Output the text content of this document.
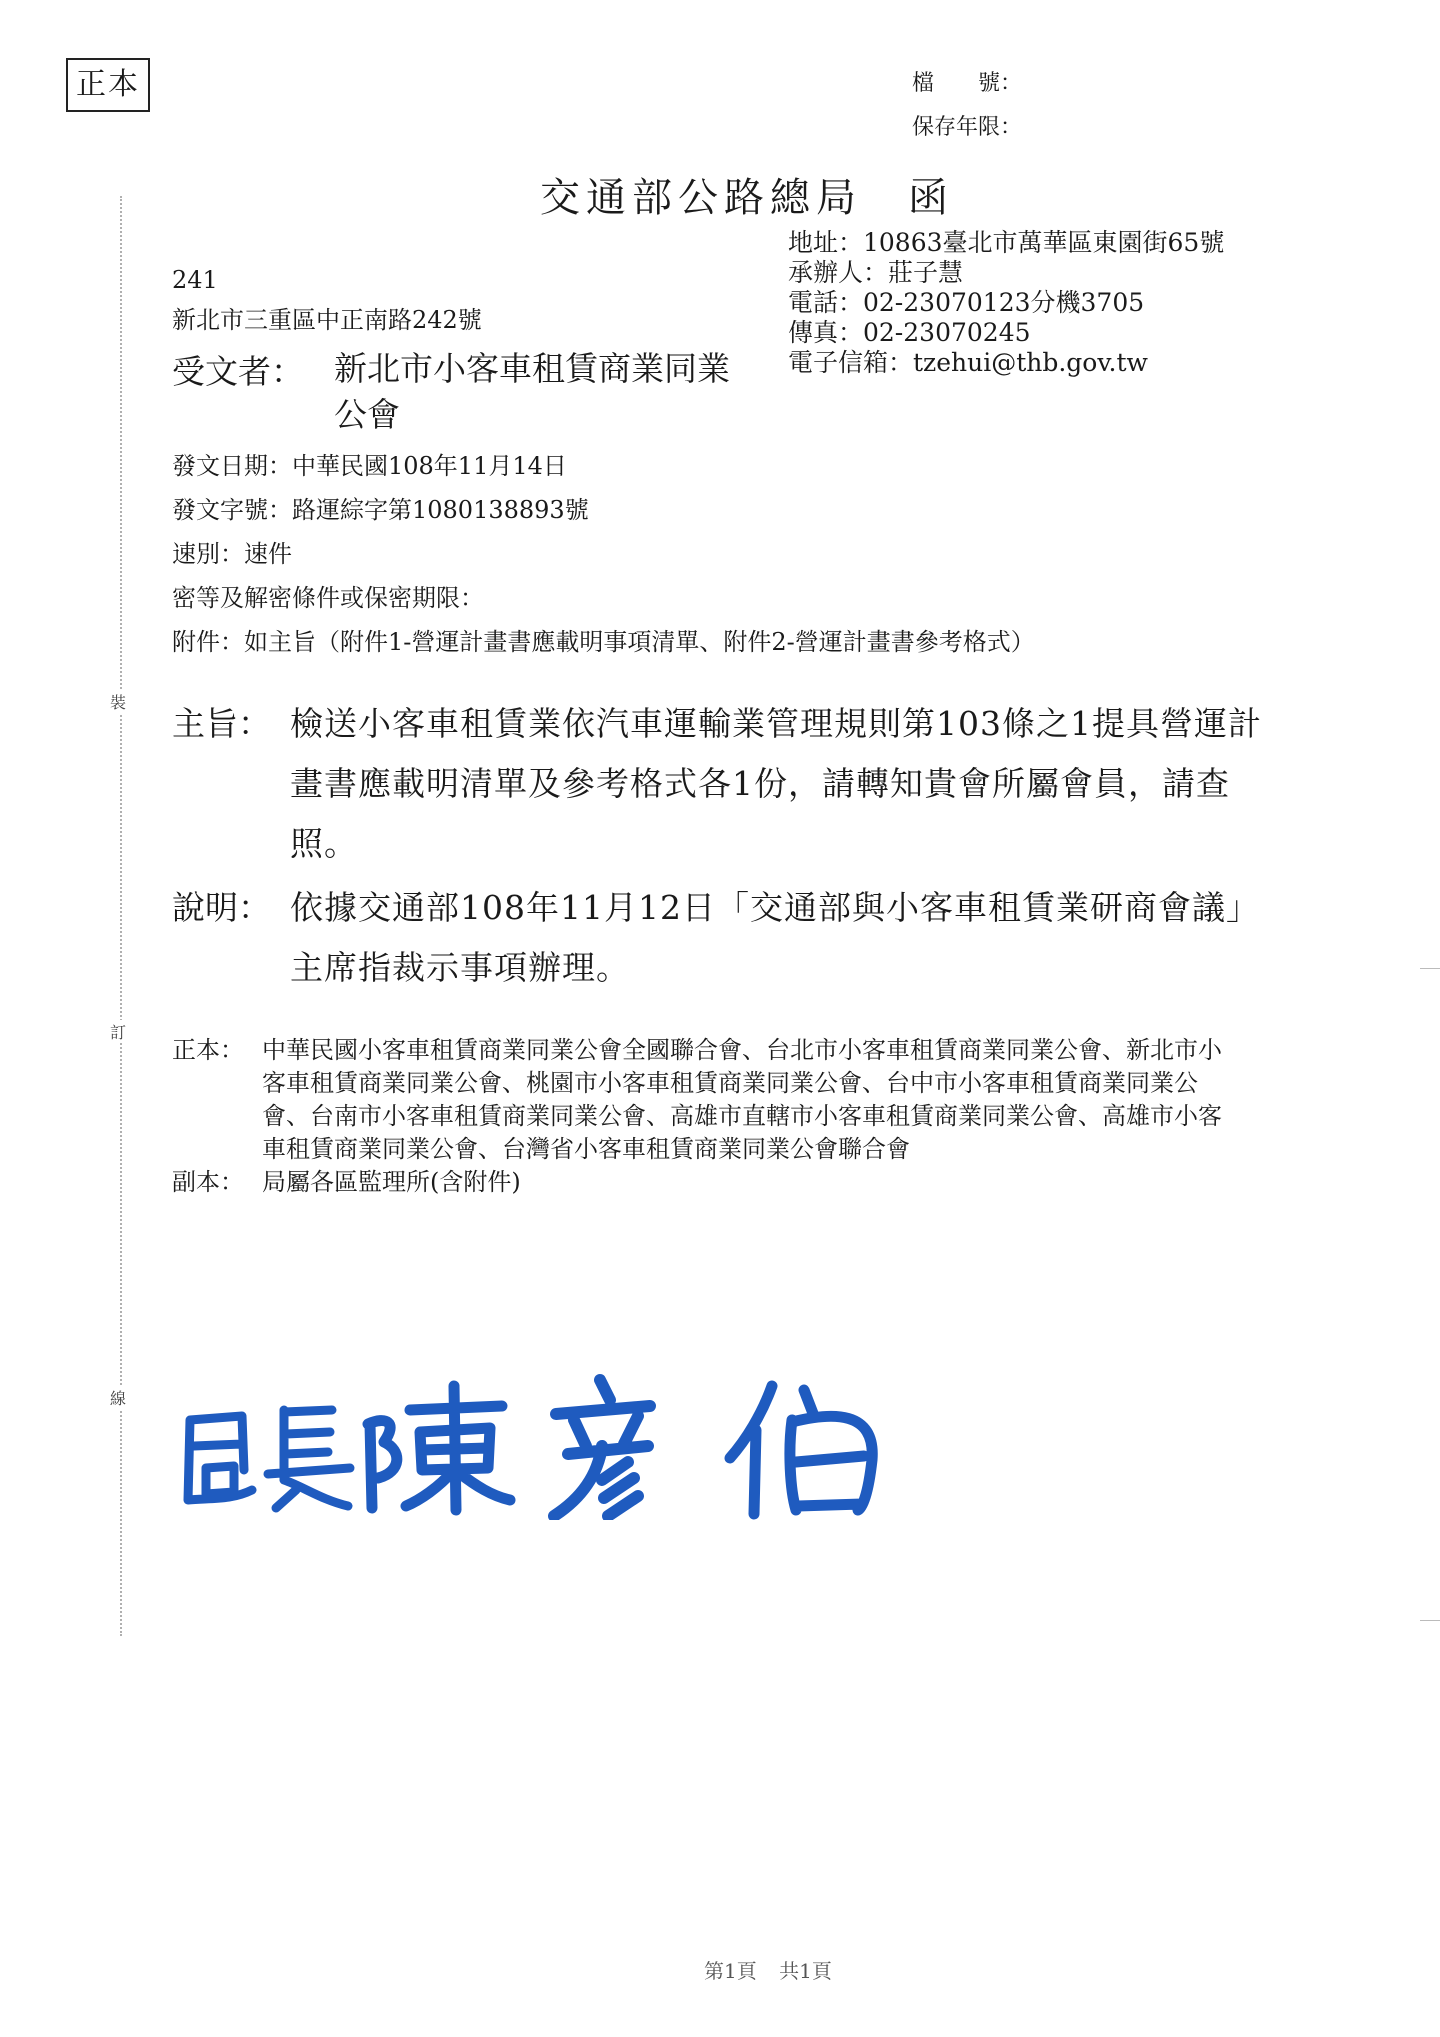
正本	檔　　號：
保存年限：
交通部公路總局　函
地址：10863臺北市萬華區東園街65號
承辦人：莊子慧
電話：02-23070123分機3705
傳真：02-23070245
電子信箱：tzehui@thb.gov.tw
241
新北市三重區中正南路242號
受文者： 新北市小客車租賃商業同業公會
發文日期：中華民國108年11月14日
發文字號：路運綜字第1080138893號
速別：速件
密等及解密條件或保密期限：
附件：如主旨（附件1-營運計畫書應載明事項清單、附件2-營運計畫書參考格式）
主旨： 檢送小客車租賃業依汽車運輸業管理規則第103條之1提具營運計畫書應載明清單及參考格式各1份，請轉知貴會所屬會員，請查照。
說明： 依據交通部108年11月12日「交通部與小客車租賃業研商會議」主席指裁示事項辦理。
正本： 中華民國小客車租賃商業同業公會全國聯合會、台北市小客車租賃商業同業公會、新北市小客車租賃商業同業公會、桃園市小客車租賃商業同業公會、台中市小客車租賃商業同業公會、台南市小客車租賃商業同業公會、高雄市直轄市小客車租賃商業同業公會、高雄市小客車租賃商業同業公會、台灣省小客車租賃商業同業公會聯合會
副本： 局屬各區監理所(含附件)
裝
訂
線
第1頁 共1頁
